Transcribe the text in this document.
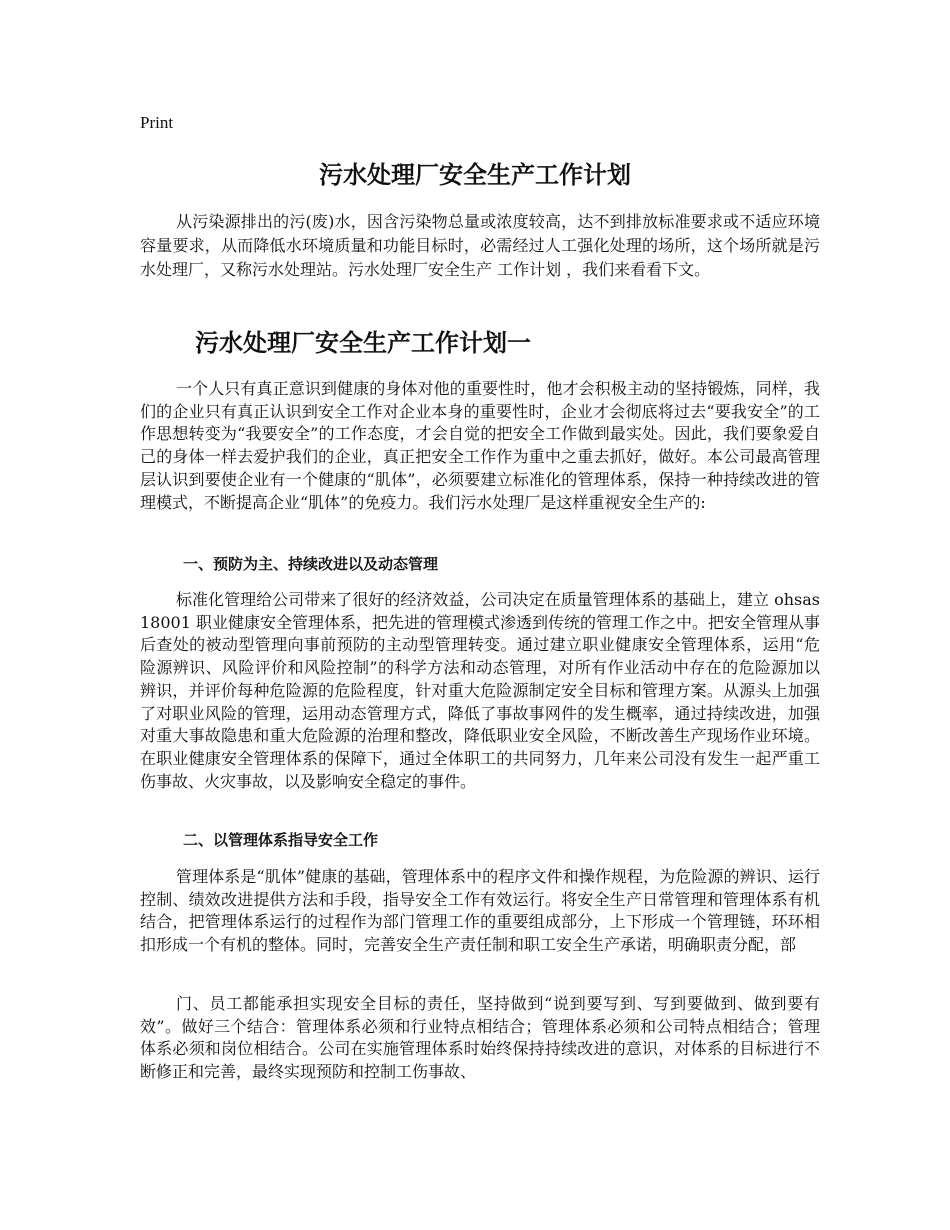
Print
污水处理厂安全生产工作计划

从污染源排出的污(废)水，因含污染物总量或浓度较高，达不到排放标准要求或不适应环境容量要求，从而降低水环境质量和功能目标时，必需经过人工强化处理的场所，这个场所就是污水处理厂，又称污水处理站。污水处理厂安全生产 工作计划 ，我们来看看下文。

污水处理厂安全生产工作计划一

一个人只有真正意识到健康的身体对他的重要性时，他才会积极主动的坚持锻炼，同样，我们的企业只有真正认识到安全工作对企业本身的重要性时，企业才会彻底将过去“要我安全”的工作思想转变为“我要安全”的工作态度，才会自觉的把安全工作做到最实处。因此，我们要象爱自己的身体一样去爱护我们的企业，真正把安全工作作为重中之重去抓好，做好。本公司最高管理层认识到要使企业有一个健康的“肌体”，必须要建立标准化的管理体系，保持一种持续改进的管理模式，不断提高企业“肌体”的免疫力。我们污水处理厂是这样重视安全生产的:

一、预防为主、持续改进以及动态管理

标准化管理给公司带来了很好的经济效益，公司决定在质量管理体系的基础上，建立 ohsas 18001 职业健康安全管理体系，把先进的管理模式渗透到传统的管理工作之中。把安全管理从事后查处的被动型管理向事前预防的主动型管理转变。通过建立职业健康安全管理体系，运用“危险源辨识、风险评价和风险控制”的科学方法和动态管理，对所有作业活动中存在的危险源加以辨识，并评价每种危险源的危险程度，针对重大危险源制定安全目标和管理方案。从源头上加强了对职业风险的管理，运用动态管理方式，降低了事故事网件的发生概率，通过持续改进，加强对重大事故隐患和重大危险源的治理和整改，降低职业安全风险，不断改善生产现场作业环境。在职业健康安全管理体系的保障下，通过全体职工的共同努力，几年来公司没有发生一起严重工伤事故、火灾事故，以及影响安全稳定的事件。

二、以管理体系指导安全工作

管理体系是“肌体”健康的基础，管理体系中的程序文件和操作规程，为危险源的辨识、运行控制、绩效改进提供方法和手段，指导安全工作有效运行。将安全生产日常管理和管理体系有机结合，把管理体系运行的过程作为部门管理工作的重要组成部分，上下形成一个管理链，环环相扣形成一个有机的整体。同时，完善安全生产责任制和职工安全生产承诺，明确职责分配，部

门、员工都能承担实现安全目标的责任，坚持做到“说到要写到、写到要做到、做到要有效”。做好三个结合：管理体系必须和行业特点相结合；管理体系必须和公司特点相结合；管理体系必须和岗位相结合。公司在实施管理体系时始终保持持续改进的意识，对体系的目标进行不断修正和完善，最终实现预防和控制工伤事故、
